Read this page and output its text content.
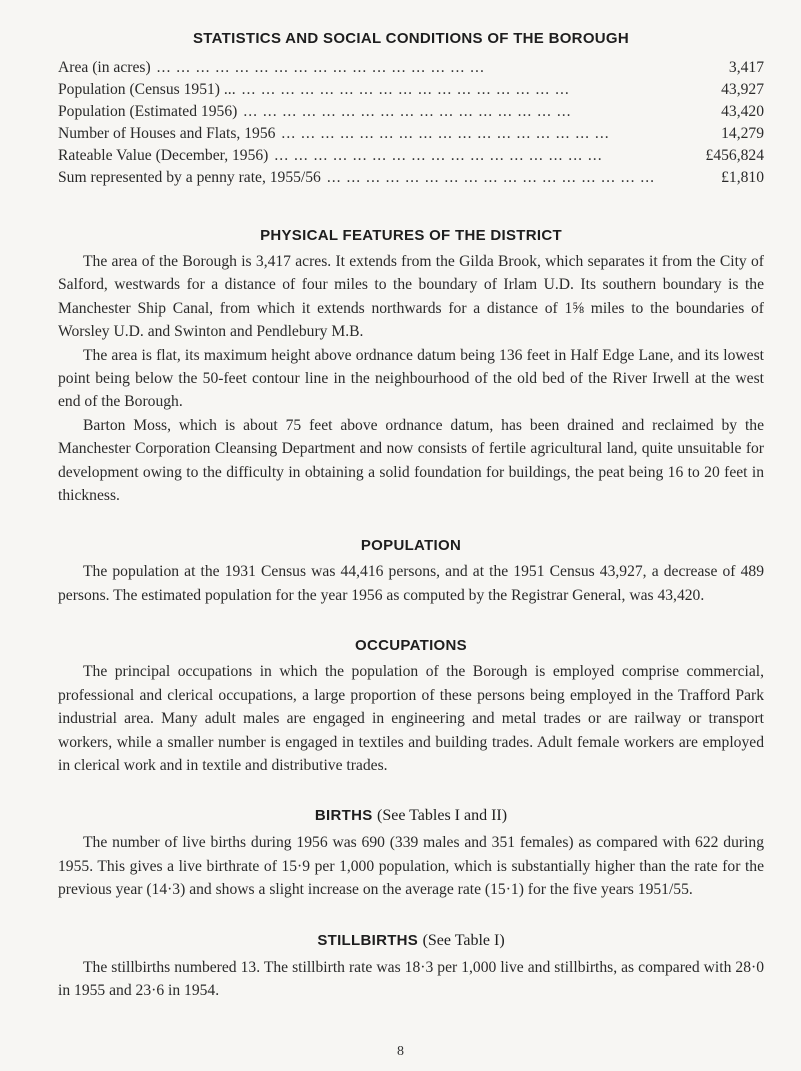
STATISTICS AND SOCIAL CONDITIONS OF THE BOROUGH
Area (in acres) ... ... ... ... ... ... ... ... ... ... ... ... ... ... ... ... ...	3,417
Population (Census 1951) ... ... ... ... ... ... ... ... ... ... ... ... ... ... ... ... ... ...	43,927
Population (Estimated 1956) ... ... ... ... ... ... ... ... ... ... ... ... ... ... ... ... ...	43,420
Number of Houses and Flats, 1956 ... ... ... ... ... ... ... ... ... ... ... ... ... ... ... ... ...	14,279
Rateable Value (December, 1956) ... ... ... ... ... ... ... ... ... ... ... ... ... ... ... ... ...	£456,824
Sum represented by a penny rate, 1955/56 ... ... ... ... ... ... ... ... ... ... ... ... ... ... ... ... ...	£1,810
PHYSICAL FEATURES OF THE DISTRICT

The area of the Borough is 3,417 acres. It extends from the Gilda Brook, which separates it from the City of Salford, westwards for a distance of four miles to the boundary of Irlam U.D. Its southern boundary is the Manchester Ship Canal, from which it extends northwards for a distance of 1⅝ miles to the boundaries of Worsley U.D. and Swinton and Pendlebury M.B.

The area is flat, its maximum height above ordnance datum being 136 feet in Half Edge Lane, and its lowest point being below the 50-feet contour line in the neighbourhood of the old bed of the River Irwell at the west end of the Borough.

Barton Moss, which is about 75 feet above ordnance datum, has been drained and reclaimed by the Manchester Corporation Cleansing Department and now consists of fertile agricultural land, quite unsuitable for development owing to the difficulty in obtaining a solid foundation for buildings, the peat being 16 to 20 feet in thickness.

POPULATION

The population at the 1931 Census was 44,416 persons, and at the 1951 Census 43,927, a decrease of 489 persons. The estimated population for the year 1956 as computed by the Registrar General, was 43,420.

OCCUPATIONS

The principal occupations in which the population of the Borough is employed comprise commercial, professional and clerical occupations, a large proportion of these persons being employed in the Trafford Park industrial area. Many adult males are engaged in engineering and metal trades or are railway or transport workers, while a smaller number is engaged in textiles and building trades. Adult female workers are employed in clerical work and in textile and distributive trades.

BIRTHS (See Tables I and II)

The number of live births during 1956 was 690 (339 males and 351 females) as compared with 622 during 1955. This gives a live birthrate of 15·9 per 1,000 population, which is substantially higher than the rate for the previous year (14·3) and shows a slight increase on the average rate (15·1) for the five years 1951/55.

STILLBIRTHS (See Table I)

The stillbirths numbered 13. The stillbirth rate was 18·3 per 1,000 live and stillbirths, as compared with 28·0 in 1955 and 23·6 in 1954.

8
